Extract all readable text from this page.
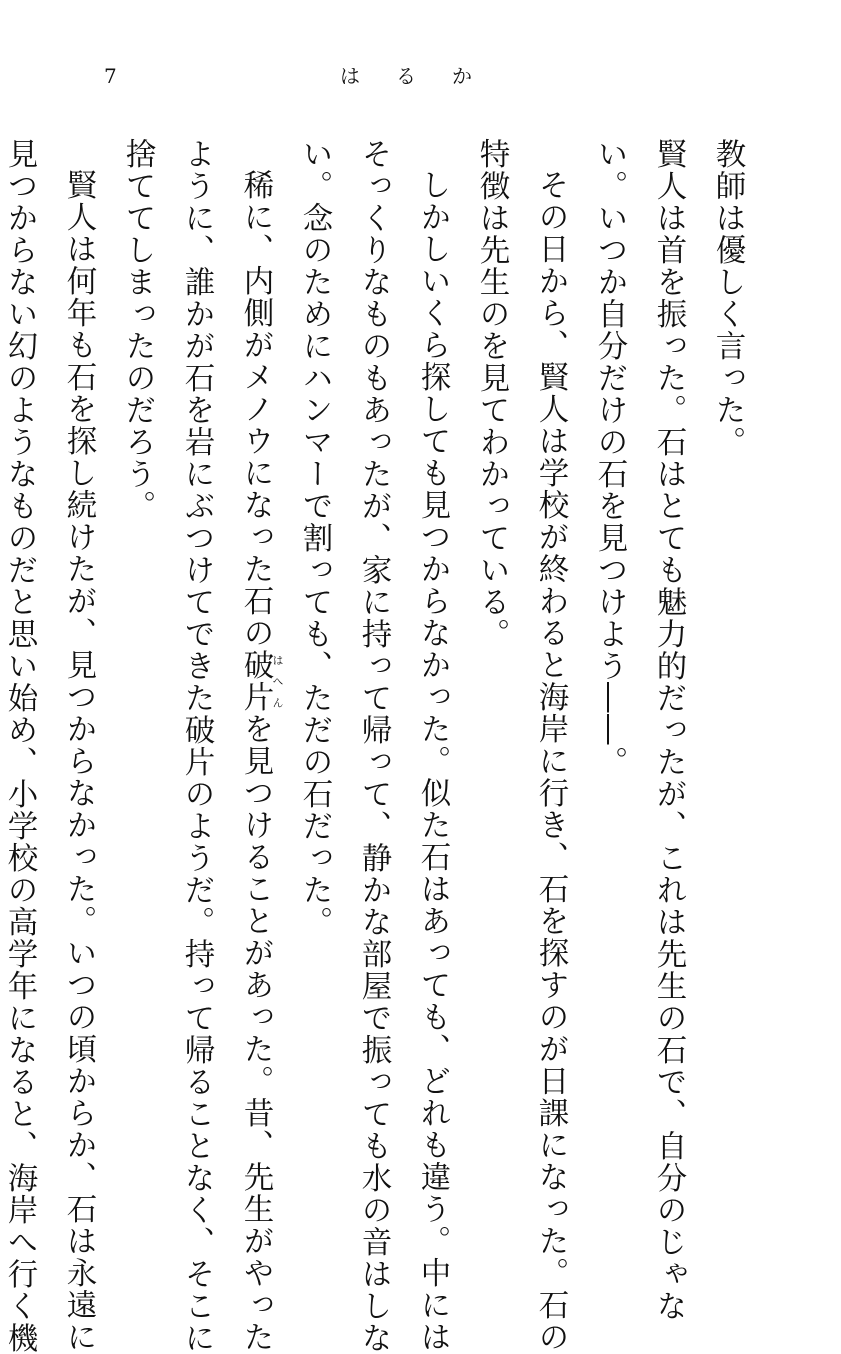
7	はるか
教師は優しく言った。
賢人は首を振った。石はとても魅力的だったが、これは先生の石で、自分のじゃな
い。いつか自分だけの石を見つけよう――。
その日から、賢人は学校が終わると海岸に行き、石を探すのが日課になった。石の
特徴は先生のを見てわかっている。
しかしいくら探しても見つからなかった。似た石はあっても、どれも違う。中には
そっくりなものもあったが、家に持って帰って、静かな部屋で振っても水の音はしな
い。念のためにハンマーで割っても、ただの石だった。
稀に、内側がメノウになった石の破片はへんを見つけることがあった。昔、先生がやった
ように、誰かが石を岩にぶつけてできた破片のようだ。持って帰ることなく、そこに
捨ててしまったのだろう。
賢人は何年も石を探し続けたが、見つからなかった。いつの頃からか、石は永遠に
見つからない幻のようなものだと思い始め、小学校の高学年になると、海岸へ行く機
